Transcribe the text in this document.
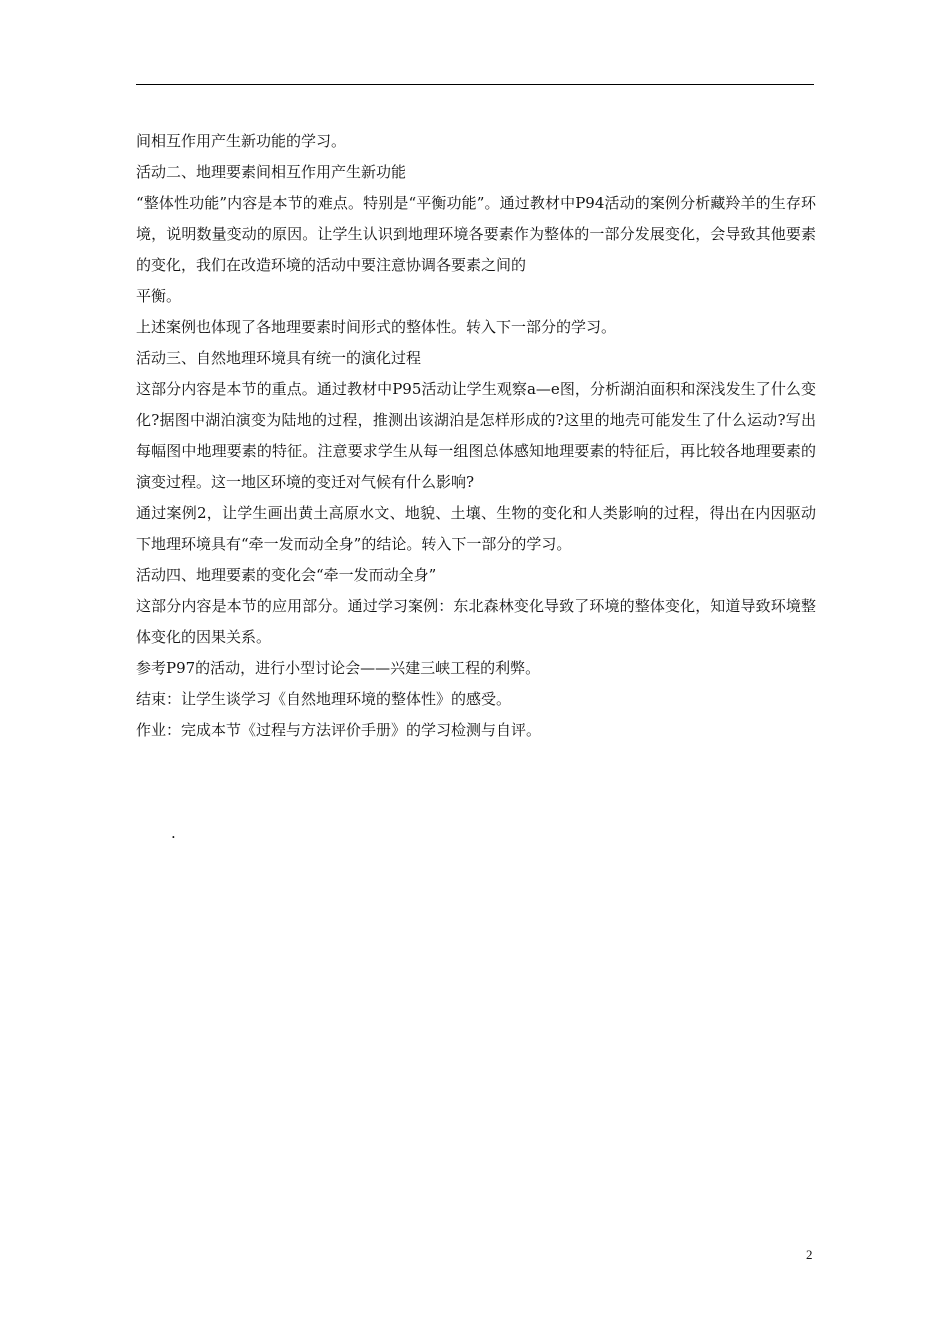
间相互作用产生新功能的学习。

活动二、地理要素间相互作用产生新功能

“整体性功能”内容是本节的难点。特别是“平衡功能”。通过教材中P94活动的案例分析藏羚羊的生存环境，说明数量变动的原因。让学生认识到地理环境各要素作为整体的一部分发展变化，会导致其他要素的变化，我们在改造环境的活动中要注意协调各要素之间的

平衡。

上述案例也体现了各地理要素时间形式的整体性。转入下一部分的学习。

活动三、自然地理环境具有统一的演化过程

这部分内容是本节的重点。通过教材中P95活动让学生观察a—e图，分析湖泊面积和深浅发生了什么变化?据图中湖泊演变为陆地的过程，推测出该湖泊是怎样形成的?这里的地壳可能发生了什么运动?写出每幅图中地理要素的特征。注意要求学生从每一组图总体感知地理要素的特征后，再比较各地理要素的演变过程。这一地区环境的变迁对气候有什么影响?

通过案例2，让学生画出黄土高原水文、地貌、土壤、生物的变化和人类影响的过程，得出在内因驱动下地理环境具有“牵一发而动全身”的结论。转入下一部分的学习。

活动四、地理要素的变化会“牵一发而动全身”

这部分内容是本节的应用部分。通过学习案例：东北森林变化导致了环境的整体变化，知道导致环境整体变化的因果关系。

参考P97的活动，进行小型讨论会——兴建三峡工程的利弊。

结束：让学生谈学习《自然地理环境的整体性》的感受。

作业：完成本节《过程与方法评价手册》的学习检测与自评。

.
2
